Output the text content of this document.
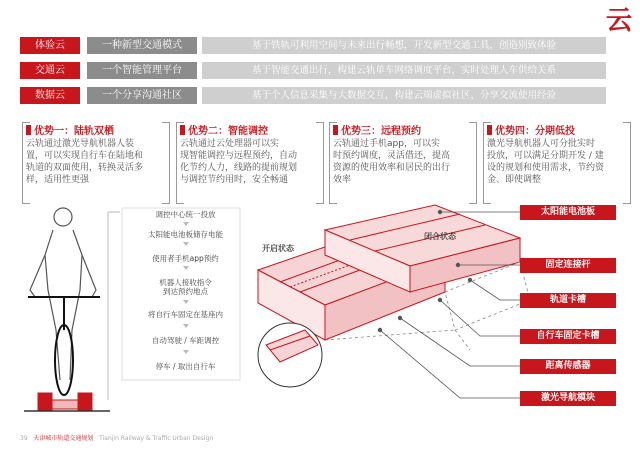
云
体验云	一种新型交通模式	基于铁轨可利用空间与未来出行畅想，开发新型交通工具，创造别致体验
交通云	一个智能管理平台	基于智能交通出行，构建云轨单车网络调度平台，实时处理人车供给关系
数据云	一个分享沟通社区	基于个人信息采集与大数据交互，构建云端虚拟社区，分享交流使用经验
优势一：陆轨双栖
云轨通过激光导航机器人装
置，可以实现自行车在陆地和
轨道的双面使用，转换灵活多
样，适用性更强
优势二：智能调控
云轨通过云处理器可以实
现智能调控与远程预约，自动
化节约人力，线路的提前规划
与调控节约用时，安全畅通
优势三：远程预约
云轨通过手机app，可以实
时预约调度，灵活借还，提高
资源的使用效率和居民的出行
效率
优势四：分期低投
激光导航机器人可分批实时
投放，可以满足分期开发 / 建
设的规划和使用需求，节约资
金、即使调整
调控中心统一投放
太阳能电池板储存电能
使用者手机app预约
机器人接收指令
到达预约地点
将自行车固定在基座内
自动驾驶 / 车距调控
停车 / 取出自行车
开启状态
闭合状态
太阳能电池板
固定连接杆
轨道卡槽
自行车固定卡槽
距离传感器
激光导航模块
39 天津城市轨道交通规划 Tianjin Railway & Traffic Urban Design
